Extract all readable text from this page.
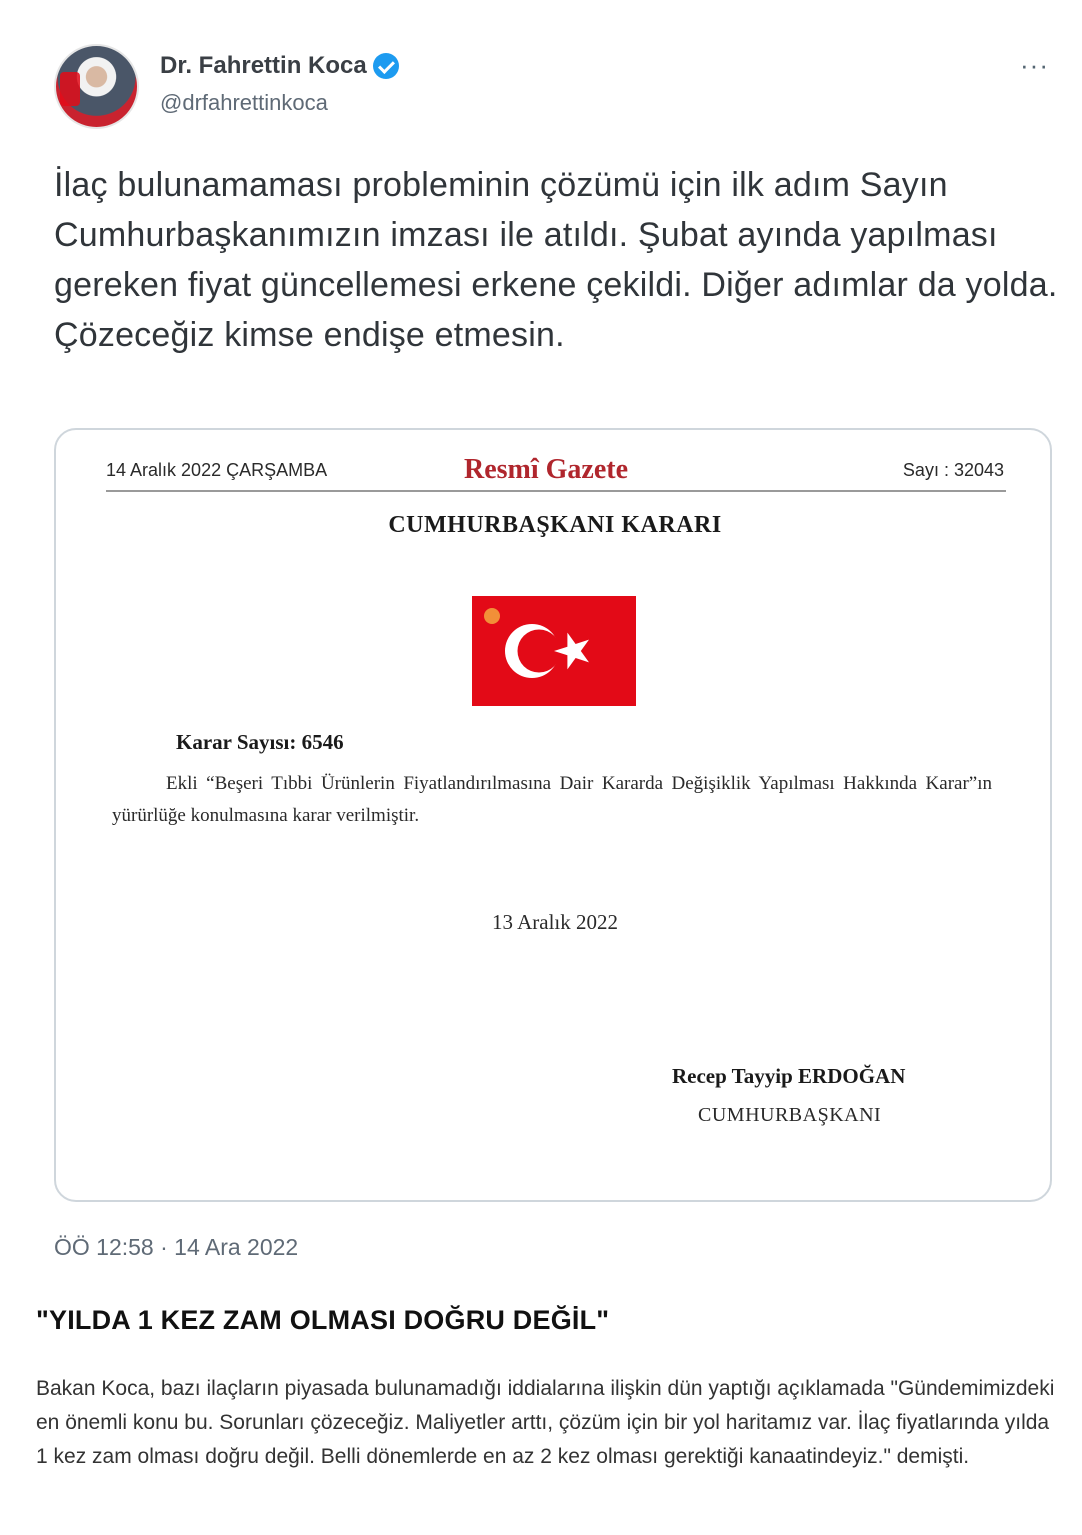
Dr. Fahrettin Koca
@drfahrettinkoca
···
İlaç bulunamaması probleminin çözümü için ilk adım Sayın Cumhurbaşkanımızın imzası ile atıldı. Şubat ayında yapılması gereken fiyat güncellemesi erkene çekildi. Diğer adımlar da yolda. Çözeceğiz kimse endişe etmesin.
14 Aralık 2022 ÇARŞAMBA	Resmî Gazete	Sayı : 32043
CUMHURBAŞKANI KARARI
Karar Sayısı: 6546
Ekli “Beşeri Tıbbi Ürünlerin Fiyatlandırılmasına Dair Kararda Değişiklik Yapılması Hakkında Karar”ın yürürlüğe konulmasına karar verilmiştir.
13 Aralık 2022
Recep Tayyip ERDOĞAN
CUMHURBAŞKANI
ÖÖ 12:58 · 14 Ara 2022
"YILDA 1 KEZ ZAM OLMASI DOĞRU DEĞİL"

Bakan Koca, bazı ilaçların piyasada bulunamadığı iddialarına ilişkin dün yaptığı açıklamada "Gündemimizdeki en önemli konu bu. Sorunları çözeceğiz. Maliyetler arttı, çözüm için bir yol haritamız var. İlaç fiyatlarında yılda 1 kez zam olması doğru değil. Belli dönemlerde en az 2 kez olması gerektiği kanaatindeyiz." demişti.
